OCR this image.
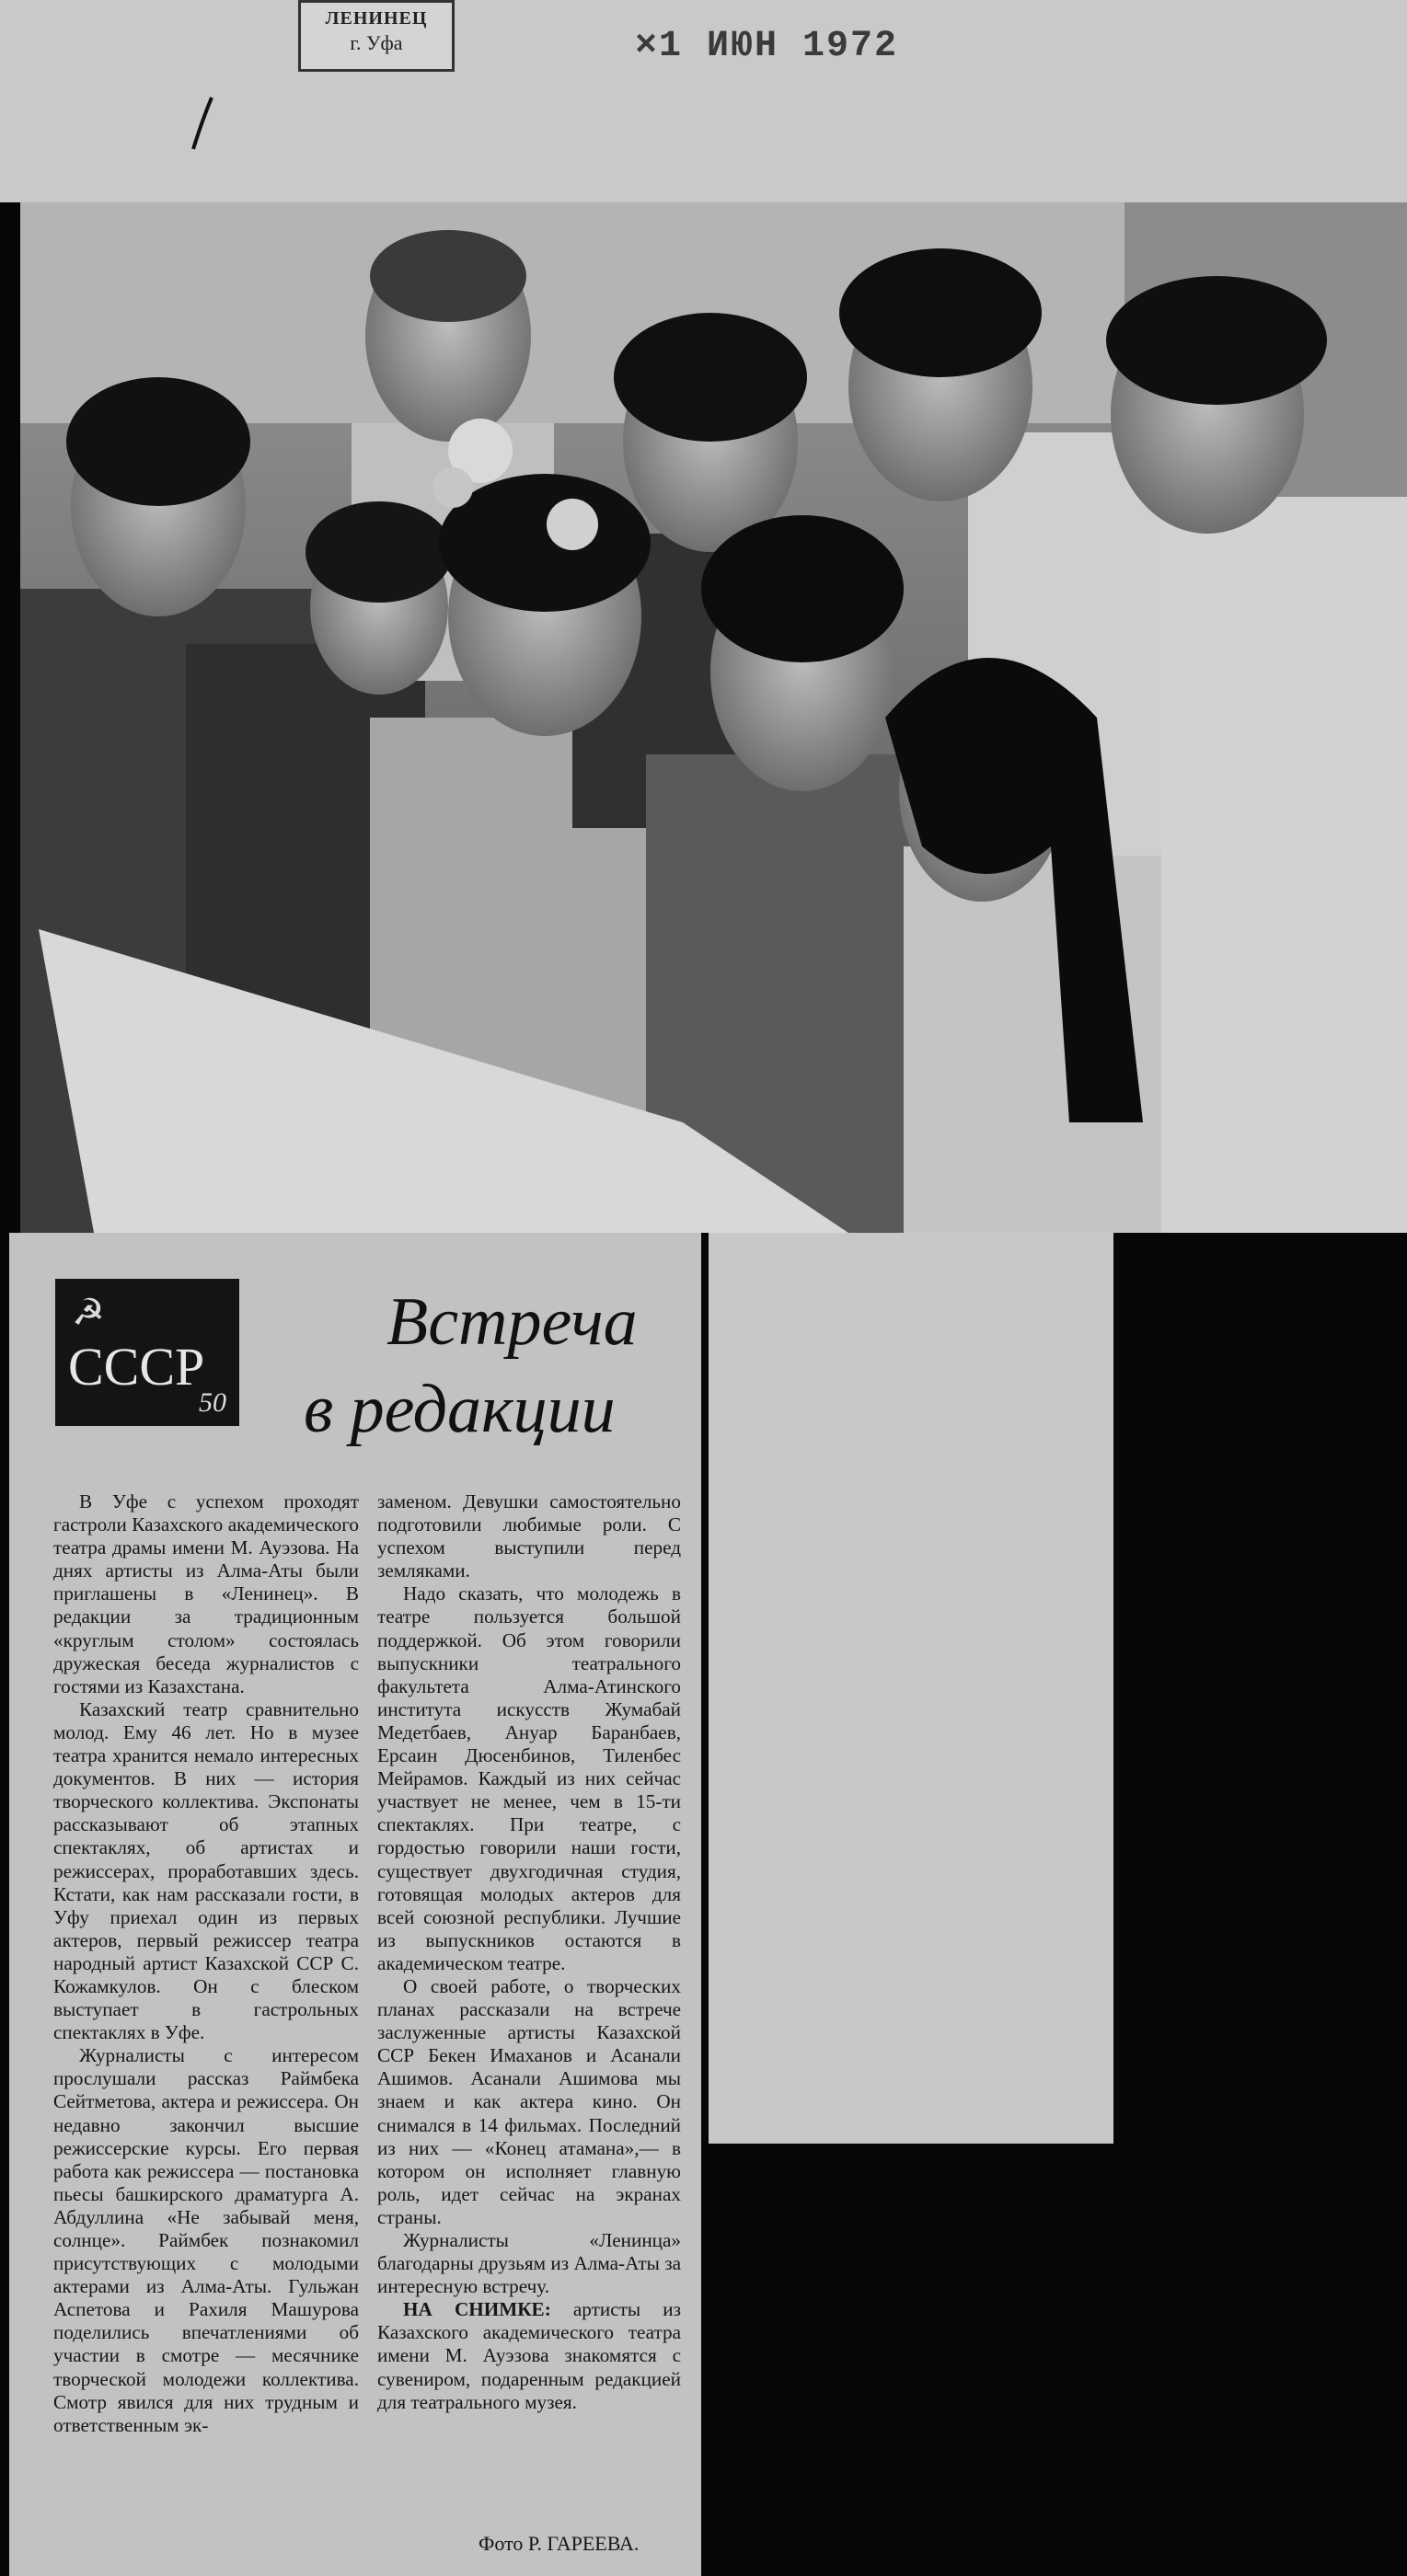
ЛЕНИНЕЦ
г. Уфа	×1 ИЮН 1972
☭
СССР
50
Встреча
в редакции

В Уфе с успехом проходят гастроли Казахского академического театра драмы имени М. Ауэзова. На днях артисты из Алма-Аты были приглашены в «Ленинец». В редакции за традиционным «круглым столом» состоялась дружеская беседа журналистов с гостями из Казахстана.

Казахский театр сравнительно молод. Ему 46 лет. Но в музее театра хранится немало интересных документов. В них — история творческого коллектива. Экспонаты рассказывают об этапных спектаклях, об артистах и режиссерах, проработавших здесь. Кстати, как нам рассказали гости, в Уфу приехал один из первых актеров, первый режиссер театра народный артист Казахской ССР С. Кожамкулов. Он с блеском выступает в гастрольных спектаклях в Уфе.

Журналисты с интересом прослушали рассказ Раймбека Сейтметова, актера и режиссера. Он недавно закончил высшие режиссерские курсы. Его первая работа как режиссера — постановка пьесы башкирского драматурга А. Абдуллина «Не забывай меня, солнце». Раймбек познакомил присутствующих с молодыми актерами из Алма-Аты. Гульжан Аспетова и Рахиля Машурова поделились впечатлениями об участии в смотре — месячнике творческой молодежи коллектива. Смотр явился для них трудным и ответственным эк-

заменом. Девушки самостоятельно подготовили любимые роли. С успехом выступили перед земляками.

Надо сказать, что молодежь в театре пользуется большой поддержкой. Об этом говорили выпускники театрального факультета Алма-Атинского института искусств Жумабай Медетбаев, Ануар Баранбаев, Ерсаин Дюсенбинов, Тиленбес Мейрамов. Каждый из них сейчас участвует не менее, чем в 15-ти спектаклях. При театре, с гордостью говорили наши гости, существует двухгодичная студия, готовящая молодых актеров для всей союзной республики. Лучшие из выпускников остаются в академическом театре.

О своей работе, о творческих планах рассказали на встрече заслуженные артисты Казахской ССР Бекен Имаханов и Асанали Ашимов. Асанали Ашимова мы знаем и как актера кино. Он снимался в 14 фильмах. Последний из них — «Конец атамана»,— в котором он исполняет главную роль, идет сейчас на экранах страны.

Журналисты «Ленинца» благодарны друзьям из Алма-Аты за интересную встречу.

НА СНИМКЕ: артисты из Казахского академического театра имени М. Ауэзова знакомятся с сувениром, подаренным редакцией для театрального музея.

Фото Р. ГАРЕЕВА.
